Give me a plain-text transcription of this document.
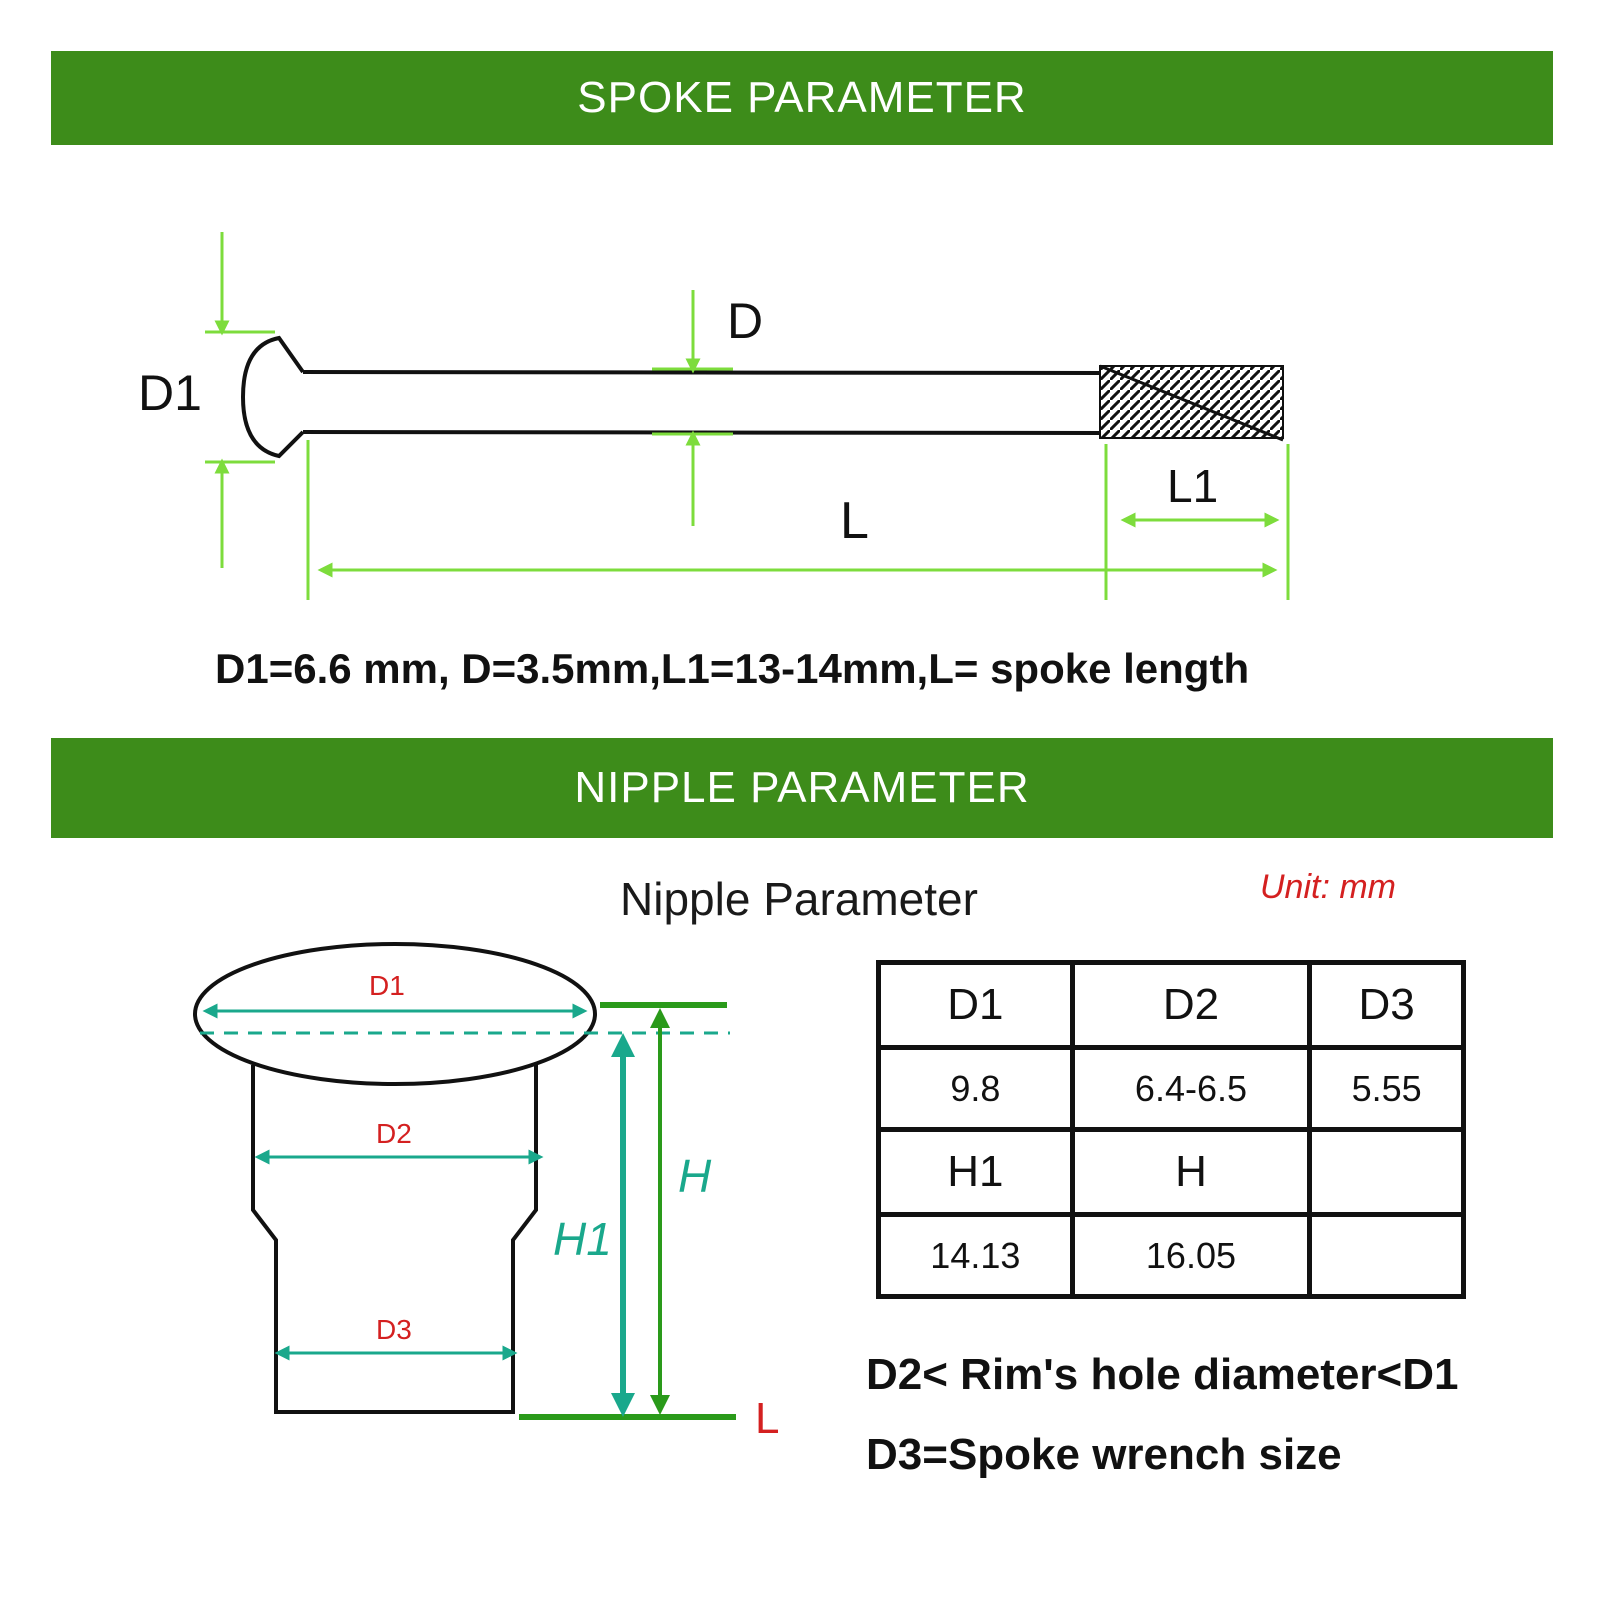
SPOKE PARAMETER
D1
D
L
L1
D1=6.6 mm, D=3.5mm,L1=13-14mm,L= spoke length
NIPPLE PARAMETER
Nipple Parameter	Unit: mm
D1
D2
D3
H1
H
L
D1	D2	D3
9.8	6.4-6.5	5.55
H1	H	
14.13	16.05	
D2< Rim's hole diameter<D1
D3=Spoke wrench size
